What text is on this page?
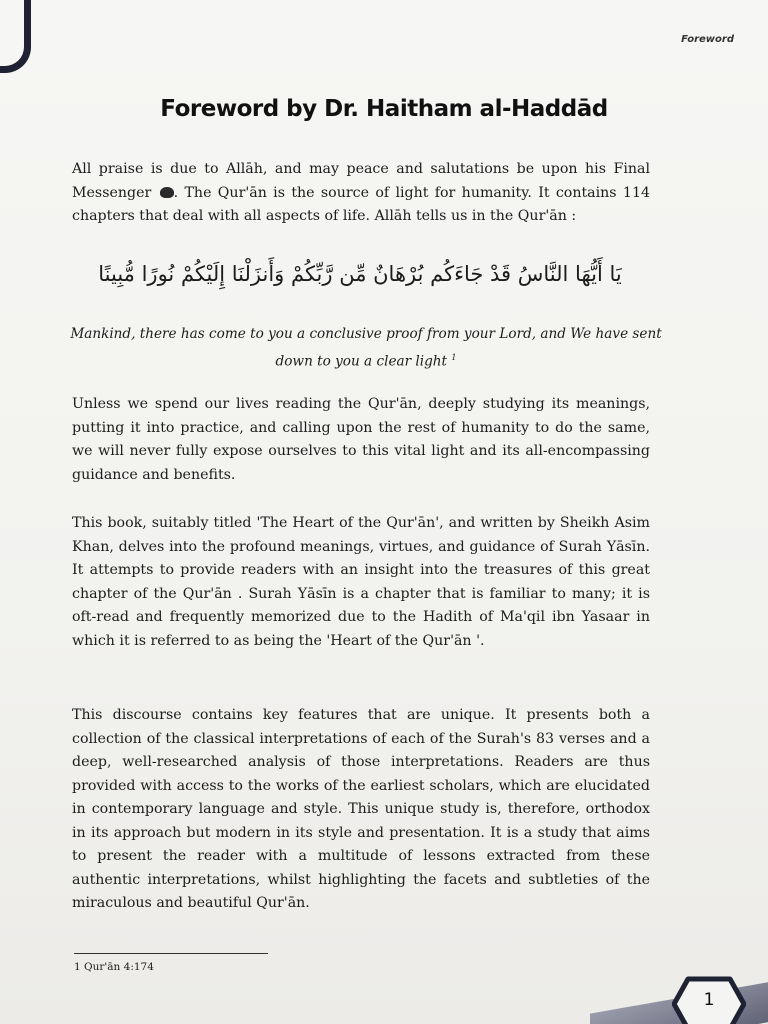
Foreword
Foreword by Dr. Haitham al-Haddād

All praise is due to Allāh, and may peace and salutations be upon his Final Messenger . The Qur'ān is the source of light for humanity. It contains 114 chapters that deal with all aspects of life. Allāh tells us in the Qur'ān :

يَا أَيُّهَا النَّاسُ قَدْ جَاءَكُم بُرْهَانٌ مِّن رَّبِّكُمْ وَأَنزَلْنَا إِلَيْكُمْ نُورًا مُّبِينًا
Mankind, there has come to you a conclusive proof from your Lord, and We have sent down to you a clear light $^1$

Unless we spend our lives reading the Qur'ān, deeply studying its meanings, putting it into practice, and calling upon the rest of humanity to do the same, we will never fully expose ourselves to this vital light and its all-encompassing guidance and benefits.

This book, suitably titled 'The Heart of the Qur'ān', and written by Sheikh Asim Khan, delves into the profound meanings, virtues, and guidance of Surah Yāsīn. It attempts to provide readers with an insight into the treasures of this great chapter of the Qur'ān . Surah Yāsīn is a chapter that is familiar to many; it is oft-read and frequently memorized due to the Hadith of Ma'qil ibn Yasaar in which it is referred to as being the 'Heart of the Qur'ān '.

This discourse contains key features that are unique. It presents both a collection of the classical interpretations of each of the Surah's 83 verses and a deep, well-researched analysis of those interpretations. Readers are thus provided with access to the works of the earliest scholars, which are elucidated in contemporary language and style. This unique study is, therefore, orthodox in its approach but modern in its style and presentation. It is a study that aims to present the reader with a multitude of lessons extracted from these authentic interpretations, whilst highlighting the facets and subtleties of the miraculous and beautiful Qur'ān.

1 Qur'ān 4:174
1
